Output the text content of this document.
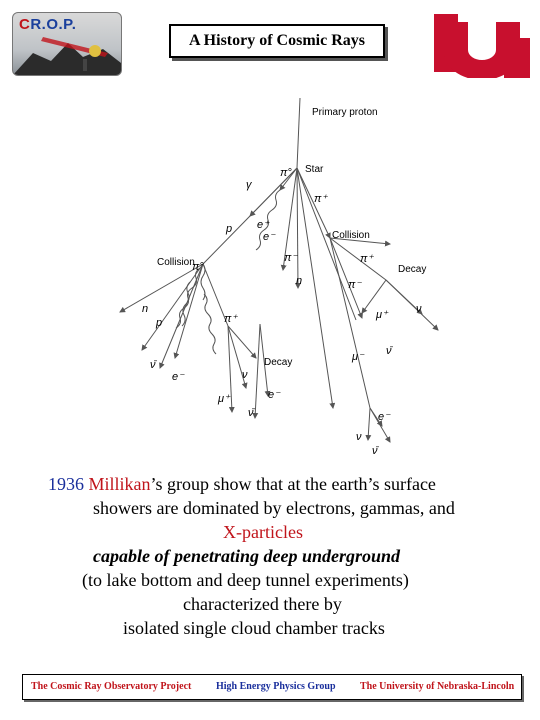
CR.O.P.
A History of Cosmic Rays
Primary proton
Star
Collision
Collision
Decay
Decay
π°
γ
p
π⁺
e⁺
e⁻
π⁻
n
π⁺
π⁻
ν
μ⁺
ν̄
μ⁻
e⁻
ν
ν̄
π°
n
p	π⁺
ν̄
e⁻	ν
μ⁺	e⁻
ν̄
1936 Millikan’s group show that at the earth’s surface
showers are dominated by electrons, gammas, and
X-particles
capable of penetrating deep underground
(to lake bottom and deep tunnel experiments)
characterized there by
isolated single cloud chamber tracks
The Cosmic Ray Observatory Project High Energy Physics Group The University of Nebraska-Lincoln
